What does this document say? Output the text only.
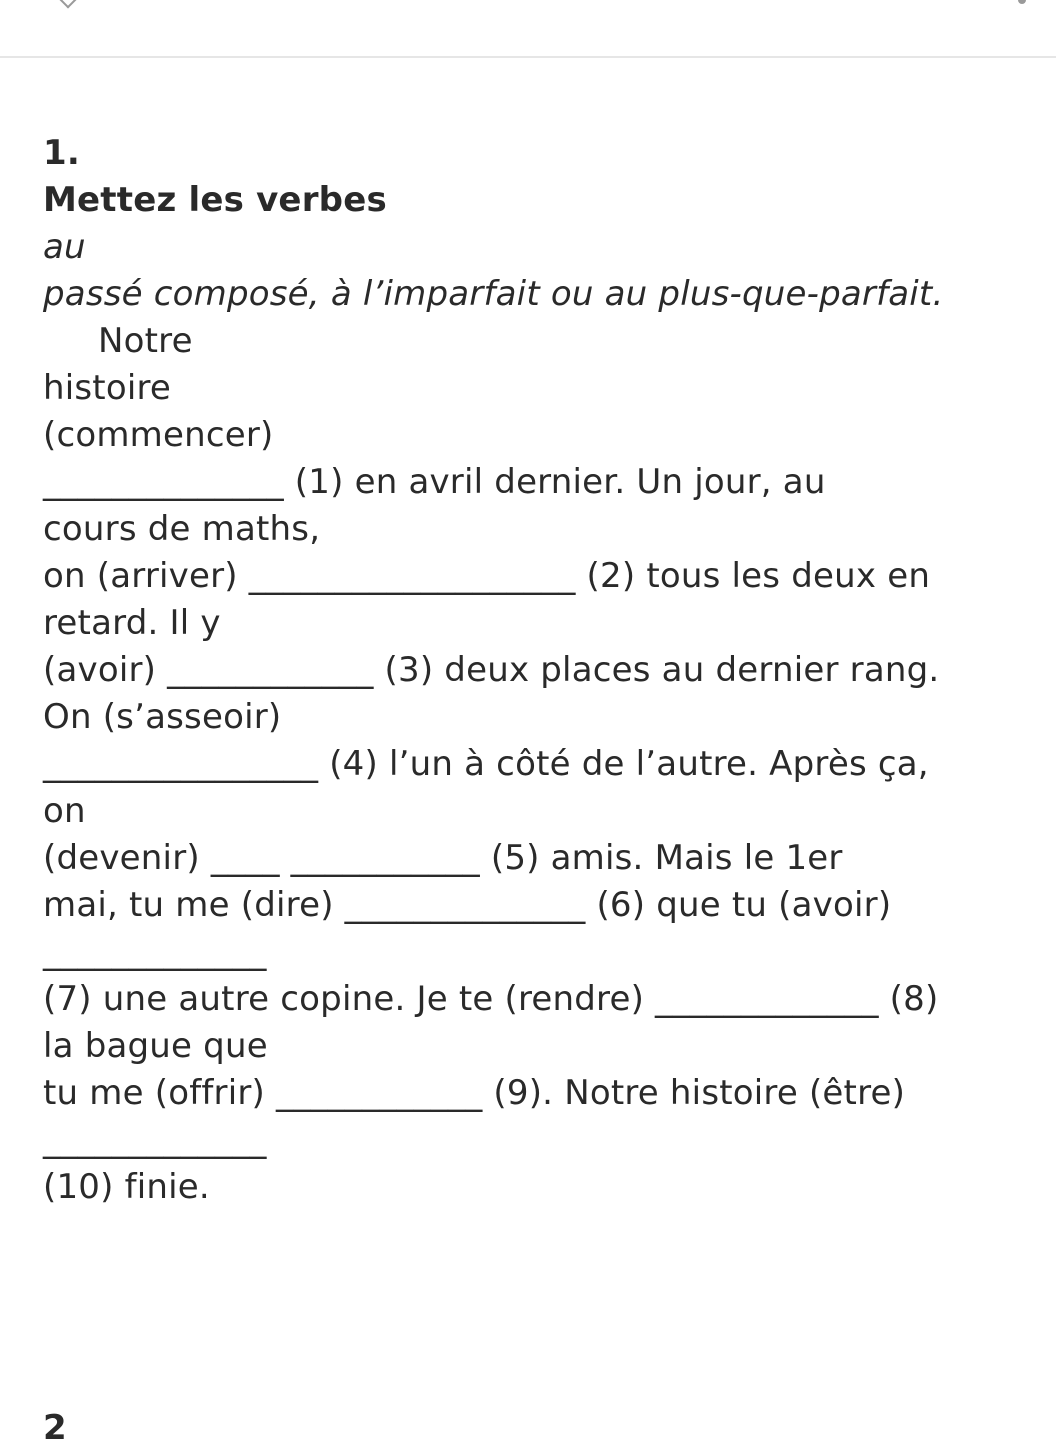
1.
Mettez les verbes
au
passé composé, à l’imparfait ou au plus-que-parfait.
Notre
histoire
(commencer)
______________ (1) en avril dernier. Un jour, au
cours de maths,
on (arriver) ___________________ (2) tous les deux en
retard. Il y
(avoir) ____________ (3) deux places au dernier rang.
On (s’asseoir)
________________ (4) l’un à côté de l’autre. Après ça,
on
(devenir) ____ ___________ (5) amis. Mais le 1er
mai, tu me (dire) ______________ (6) que tu (avoir)
_____________
(7) une autre copine. Je te (rendre) _____________ (8)
la bague que
tu me (offrir) ____________ (9). Notre histoire (être)
_____________
(10) finie.
2
